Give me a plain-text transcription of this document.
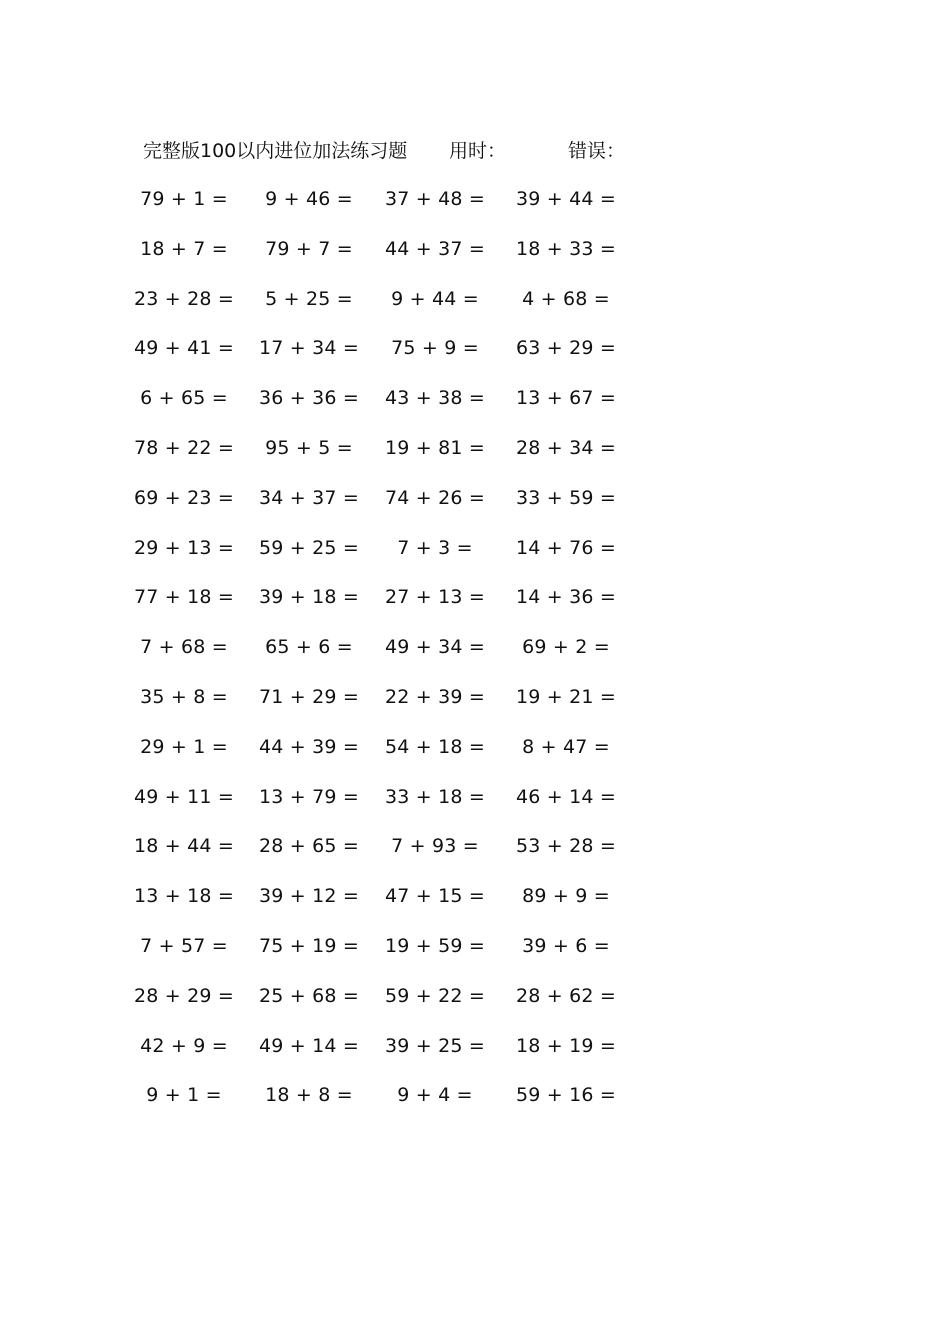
完整版100以内进位加法练习题 用时：	错误：
79 + 1 =	9 + 46 =	37 + 48 =	39 + 44 =
18 + 7 =	79 + 7 =	44 + 37 =	18 + 33 =
23 + 28 =	5 + 25 =	9 + 44 =	4 + 68 =
49 + 41 =	17 + 34 =	75 + 9 =	63 + 29 =
6 + 65 =	36 + 36 =	43 + 38 =	13 + 67 =
78 + 22 =	95 + 5 =	19 + 81 =	28 + 34 =
69 + 23 =	34 + 37 =	74 + 26 =	33 + 59 =
29 + 13 =	59 + 25 =	7 + 3 =	14 + 76 =
77 + 18 =	39 + 18 =	27 + 13 =	14 + 36 =
7 + 68 =	65 + 6 =	49 + 34 =	69 + 2 =
35 + 8 =	71 + 29 =	22 + 39 =	19 + 21 =
29 + 1 =	44 + 39 =	54 + 18 =	8 + 47 =
49 + 11 =	13 + 79 =	33 + 18 =	46 + 14 =
18 + 44 =	28 + 65 =	7 + 93 =	53 + 28 =
13 + 18 =	39 + 12 =	47 + 15 =	89 + 9 =
7 + 57 =	75 + 19 =	19 + 59 =	39 + 6 =
28 + 29 =	25 + 68 =	59 + 22 =	28 + 62 =
42 + 9 =	49 + 14 =	39 + 25 =	18 + 19 =
9 + 1 =	18 + 8 =	9 + 4 =	59 + 16 =
